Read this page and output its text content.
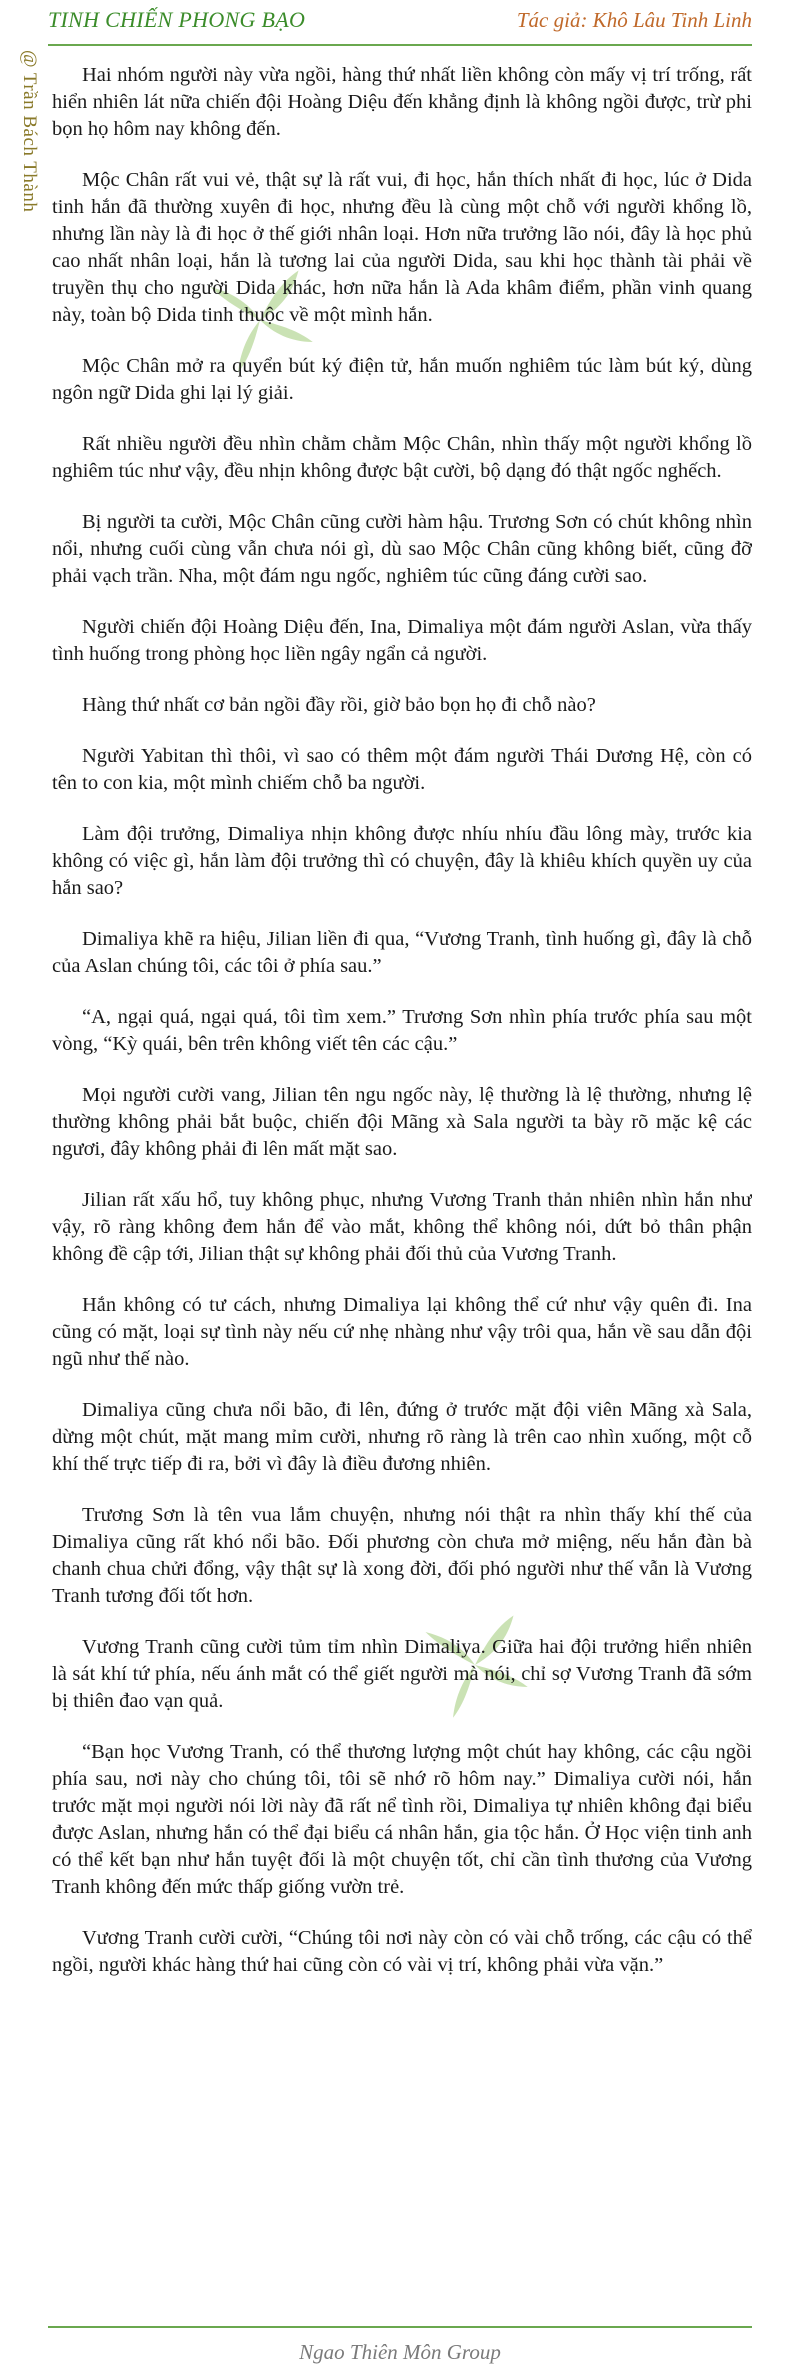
TINH CHIẾN PHONG BẠO	Tác giả: Khô Lâu Tinh Linh
@ Trần Bách Thành	Hai nhóm người này vừa ngồi, hàng thứ nhất liền không còn mấy vị trí trống, rất hiển nhiên lát nữa chiến đội Hoàng Diệu đến khẳng định là không ngồi được, trừ phi bọn họ hôm nay không đến.

Mộc Chân rất vui vẻ, thật sự là rất vui, đi học, hắn thích nhất đi học, lúc ở Dida tinh hắn đã thường xuyên đi học, nhưng đều là cùng một chỗ với người khổng lồ, nhưng lần này là đi học ở thế giới nhân loại. Hơn nữa trưởng lão nói, đây là học phủ cao nhất nhân loại, hắn là tương lai của người Dida, sau khi học thành tài phải về truyền thụ cho người Dida khác, hơn nữa hắn là Ada khâm điểm, phần vinh quang này, toàn bộ Dida tinh thuộc về một mình hắn.

Mộc Chân mở ra quyển bút ký điện tử, hắn muốn nghiêm túc làm bút ký, dùng ngôn ngữ Dida ghi lại lý giải.

Rất nhiều người đều nhìn chằm chằm Mộc Chân, nhìn thấy một người khổng lồ nghiêm túc như vậy, đều nhịn không được bật cười, bộ dạng đó thật ngốc nghếch.

Bị người ta cười, Mộc Chân cũng cười hàm hậu. Trương Sơn có chút không nhìn nổi, nhưng cuối cùng vẫn chưa nói gì, dù sao Mộc Chân cũng không biết, cũng đỡ phải vạch trần. Nha, một đám ngu ngốc, nghiêm túc cũng đáng cười sao.

Người chiến đội Hoàng Diệu đến, Ina, Dimaliya một đám người Aslan, vừa thấy tình huống trong phòng học liền ngây ngẩn cả người.

Hàng thứ nhất cơ bản ngồi đầy rồi, giờ bảo bọn họ đi chỗ nào?

Người Yabitan thì thôi, vì sao có thêm một đám người Thái Dương Hệ, còn có tên to con kia, một mình chiếm chỗ ba người.

Làm đội trưởng, Dimaliya nhịn không được nhíu nhíu đầu lông mày, trước kia không có việc gì, hắn làm đội trưởng thì có chuyện, đây là khiêu khích quyền uy của hắn sao?

Dimaliya khẽ ra hiệu, Jilian liền đi qua, “Vương Tranh, tình huống gì, đây là chỗ của Aslan chúng tôi, các tôi ở phía sau.”

“A, ngại quá, ngại quá, tôi tìm xem.” Trương Sơn nhìn phía trước phía sau một vòng, “Kỳ quái, bên trên không viết tên các cậu.”

Mọi người cười vang, Jilian tên ngu ngốc này, lệ thường là lệ thường, nhưng lệ thường không phải bắt buộc, chiến đội Mãng xà Sala người ta bày rõ mặc kệ các ngươi, đây không phải đi lên mất mặt sao.

Jilian rất xấu hổ, tuy không phục, nhưng Vương Tranh thản nhiên nhìn hắn như vậy, rõ ràng không đem hắn để vào mắt, không thể không nói, dứt bỏ thân phận không đề cập tới, Jilian thật sự không phải đối thủ của Vương Tranh.

Hắn không có tư cách, nhưng Dimaliya lại không thể cứ như vậy quên đi. Ina cũng có mặt, loại sự tình này nếu cứ nhẹ nhàng như vậy trôi qua, hắn về sau dẫn đội ngũ như thế nào.

Dimaliya cũng chưa nổi bão, đi lên, đứng ở trước mặt đội viên Mãng xà Sala, dừng một chút, mặt mang mỉm cười, nhưng rõ ràng là trên cao nhìn xuống, một cỗ khí thế trực tiếp đi ra, bởi vì đây là điều đương nhiên.

Trương Sơn là tên vua lắm chuyện, nhưng nói thật ra nhìn thấy khí thế của Dimaliya cũng rất khó nổi bão. Đối phương còn chưa mở miệng, nếu hắn đàn bà chanh chua chửi đổng, vậy thật sự là xong đời, đối phó người như thế vẫn là Vương Tranh tương đối tốt hơn.

Vương Tranh cũng cười tủm tỉm nhìn Dimaliya. Giữa hai đội trưởng hiển nhiên là sát khí tứ phía, nếu ánh mắt có thể giết người mà nói, chỉ sợ Vương Tranh đã sớm bị thiên đao vạn quả.

“Bạn học Vương Tranh, có thể thương lượng một chút hay không, các cậu ngồi phía sau, nơi này cho chúng tôi, tôi sẽ nhớ rõ hôm nay.” Dimaliya cười nói, hắn trước mặt mọi người nói lời này đã rất nể tình rồi, Dimaliya tự nhiên không đại biểu được Aslan, nhưng hắn có thể đại biểu cá nhân hắn, gia tộc hắn. Ở Học viện tinh anh có thể kết bạn như hắn tuyệt đối là một chuyện tốt, chỉ cần tình thương của Vương Tranh không đến mức thấp giống vườn trẻ.

Vương Tranh cười cười, “Chúng tôi nơi này còn có vài chỗ trống, các cậu có thể ngồi, người khác hàng thứ hai cũng còn có vài vị trí, không phải vừa vặn.”

Ngao Thiên Môn Group
